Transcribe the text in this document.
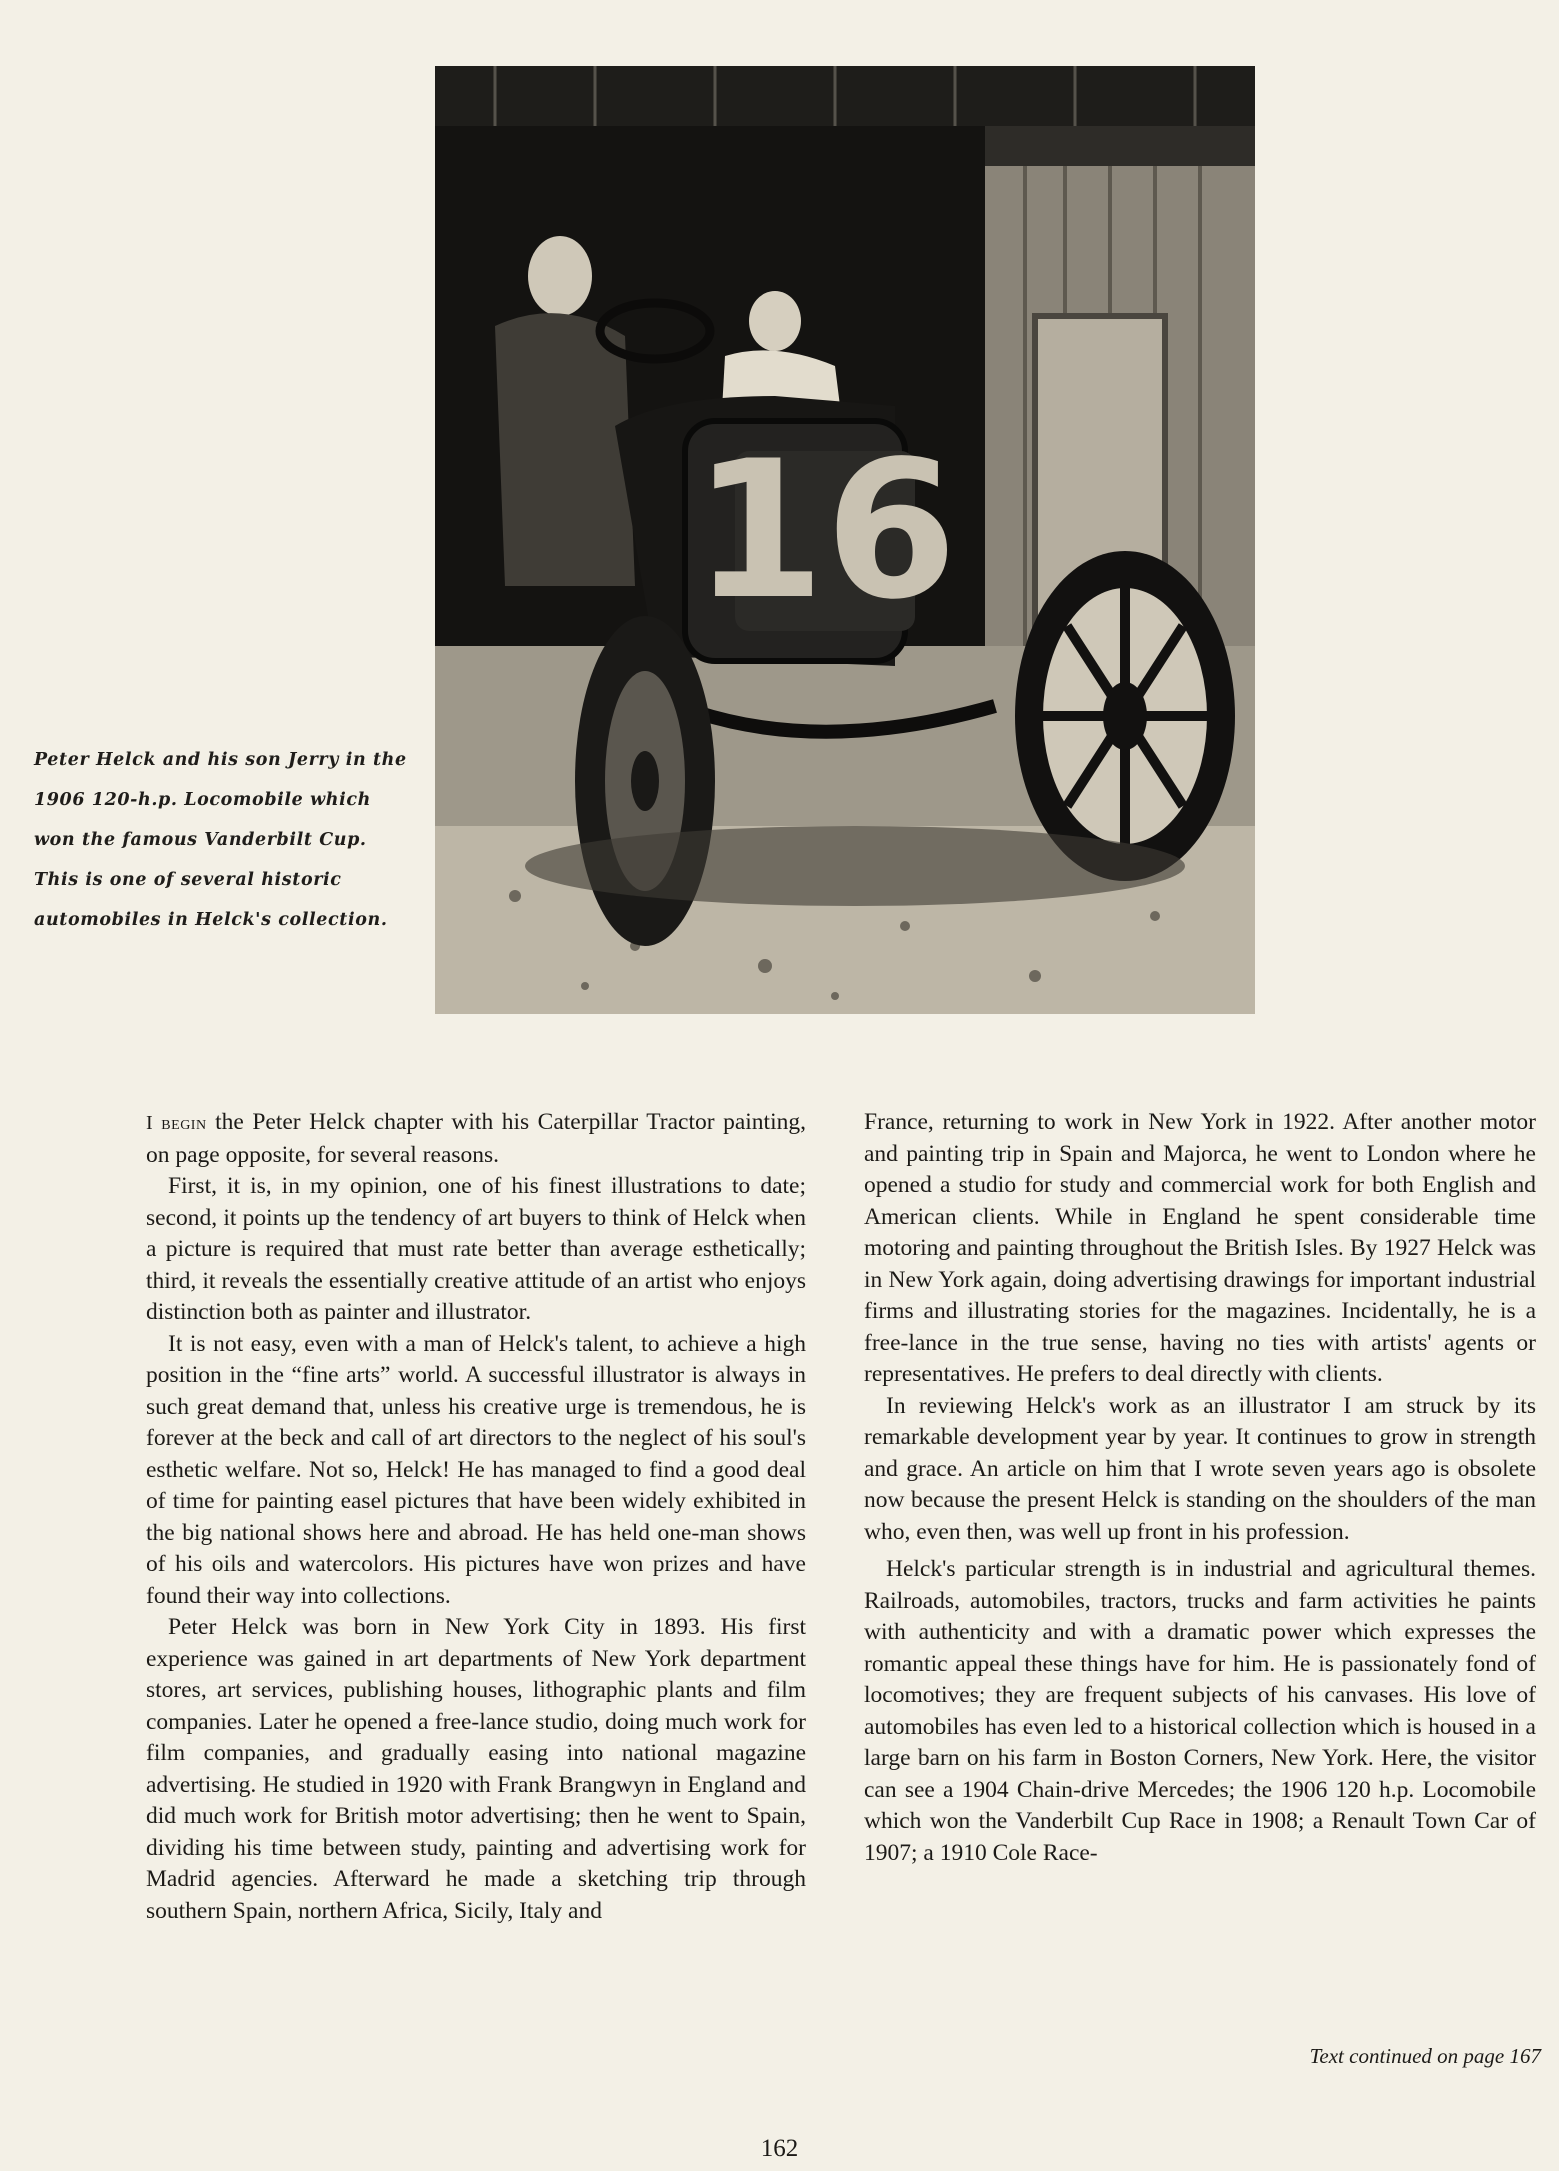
16
Peter Helck and his son Jerry in the 1906 120-h.p. Locomobile which won the famous Vanderbilt Cup. This is one of several historic automobiles in Helck's collection.

I begin the Peter Helck chapter with his Caterpillar Tractor painting, on page opposite, for several reasons.

First, it is, in my opinion, one of his finest illustrations to date; second, it points up the tendency of art buyers to think of Helck when a picture is required that must rate better than average esthetically; third, it reveals the essentially creative attitude of an artist who enjoys distinction both as painter and illustrator.

It is not easy, even with a man of Helck's talent, to achieve a high position in the “fine arts” world. A successful illustrator is always in such great demand that, unless his creative urge is tremendous, he is forever at the beck and call of art directors to the neglect of his soul's esthetic welfare. Not so, Helck! He has managed to find a good deal of time for painting easel pictures that have been widely exhibited in the big national shows here and abroad. He has held one-man shows of his oils and watercolors. His pictures have won prizes and have found their way into collections.

Peter Helck was born in New York City in 1893. His first experience was gained in art departments of New York department stores, art services, publishing houses, lithographic plants and film companies. Later he opened a free-lance studio, doing much work for film companies, and gradually easing into national magazine advertising. He studied in 1920 with Frank Brangwyn in England and did much work for British motor advertising; then he went to Spain, dividing his time between study, painting and advertising work for Madrid agencies. Afterward he made a sketching trip through southern Spain, northern Africa, Sicily, Italy and

France, returning to work in New York in 1922. After another motor and painting trip in Spain and Majorca, he went to London where he opened a studio for study and commercial work for both English and American clients. While in England he spent considerable time motoring and painting throughout the British Isles. By 1927 Helck was in New York again, doing advertising drawings for important industrial firms and illustrating stories for the magazines. Incidentally, he is a free-lance in the true sense, having no ties with artists' agents or representatives. He prefers to deal directly with clients.

In reviewing Helck's work as an illustrator I am struck by its remarkable development year by year. It continues to grow in strength and grace. An article on him that I wrote seven years ago is obsolete now because the present Helck is standing on the shoulders of the man who, even then, was well up front in his profession.

Helck's particular strength is in industrial and agricultural themes. Railroads, automobiles, tractors, trucks and farm activities he paints with authenticity and with a dramatic power which expresses the romantic appeal these things have for him. He is passionately fond of locomotives; they are frequent subjects of his canvases. His love of automobiles has even led to a historical collection which is housed in a large barn on his farm in Boston Corners, New York. Here, the visitor can see a 1904 Chain-drive Mercedes; the 1906 120 h.p. Locomobile which won the Vanderbilt Cup Race in 1908; a Renault Town Car of 1907; a 1910 Cole Race-

Text continued on page 167
162
